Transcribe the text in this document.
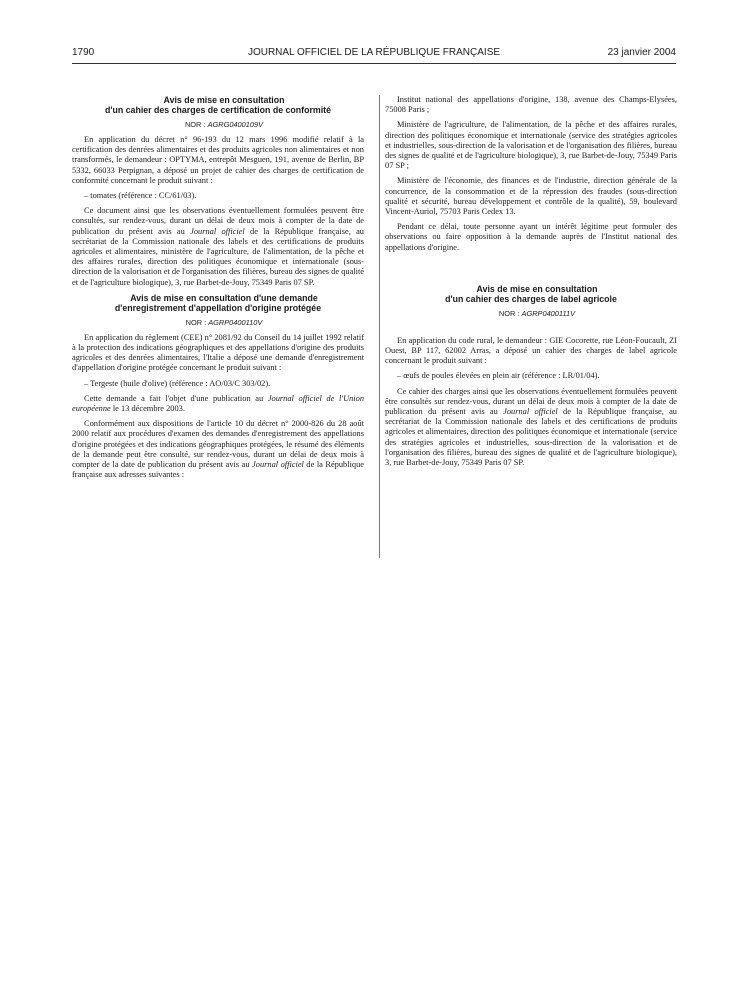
1790	JOURNAL OFFICIEL DE LA RÉPUBLIQUE FRANÇAISE	23 janvier 2004

Avis de mise en consultation
d'un cahier des charges de certification de conformité

NOR : AGRG0400109V

En application du décret n° 96-193 du 12 mars 1996 modifié relatif à la certification des denrées alimentaires et des produits agricoles non alimentaires et non transformés, le demandeur : OPTYMA, entrepôt Mesguen, 191, avenue de Berlin, BP 5332, 66033 Perpignan, a déposé un projet de cahier des charges de certification de conformité concernant le produit suivant :

– tomates (référence : CC/61/03).

Ce document ainsi que les observations éventuellement formulées peuvent être consultés, sur rendez-vous, durant un délai de deux mois à compter de la date de publication du présent avis au Journal officiel de la République française, au secrétariat de la Commission nationale des labels et des certifications de produits agricoles et alimentaires, ministère de l'agriculture, de l'alimentation, de la pêche et des affaires rurales, direction des politiques économique et internationale (sous-direction de la valorisation et de l'organisation des filières, bureau des signes de qualité et de l'agriculture biologique), 3, rue Barbet-de-Jouy, 75349 Paris 07 SP.

Avis de mise en consultation d'une demande
d'enregistrement d'appellation d'origine protégée

NOR : AGRP0400110V

En application du règlement (CEE) n° 2081/92 du Conseil du 14 juillet 1992 relatif à la protection des indications géographiques et des appellations d'origine des produits agricoles et des denrées alimentaires, l'Italie a déposé une demande d'enregistrement d'appellation d'origine protégée concernant le produit suivant :

– Tergeste (huile d'olive) (référence : AO/03/C 303/02).

Cette demande a fait l'objet d'une publication au Journal officiel de l'Union européenne le 13 décembre 2003.

Conformément aux dispositions de l'article 10 du décret n° 2000-826 du 28 août 2000 relatif aux procédures d'examen des demandes d'enregistrement des appellations d'origine protégées et des indications géographiques protégées, le résumé des éléments de la demande peut être consulté, sur rendez-vous, durant un délai de deux mois à compter de la date de publication du présent avis au Journal officiel de la République française aux adresses suivantes :

Institut national des appellations d'origine, 138, avenue des Champs-Elysées, 75008 Paris ;

Ministère de l'agriculture, de l'alimentation, de la pêche et des affaires rurales, direction des politiques économique et internationale (service des stratégies agricoles et industrielles, sous-direction de la valorisation et de l'organisation des filières, bureau des signes de qualité et de l'agriculture biologique), 3, rue Barbet-de-Jouy, 75349 Paris 07 SP ;

Ministère de l'économie, des finances et de l'industrie, direction générale de la concurrence, de la consommation et de la répression des fraudes (sous-direction qualité et sécurité, bureau développement et contrôle de la qualité), 59, boulevard Vincent-Auriol, 75703 Paris Cedex 13.

Pendant ce délai, toute personne ayant un intérêt légitime peut formuler des observations ou faire opposition à la demande auprès de l'Institut national des appellations d'origine.

Avis de mise en consultation
d'un cahier des charges de label agricole

NOR : AGRP0400111V

En application du code rural, le demandeur : GIE Cocorette, rue Léon-Foucault, ZI Ouest, BP 117, 62002 Arras, a déposé un cahier des charges de label agricole concernant le produit suivant :

– œufs de poules élevées en plein air (référence : LR/01/04).

Ce cahier des charges ainsi que les observations éventuellement formulées peuvent être consultés sur rendez-vous, durant un délai de deux mois à compter de la date de publication du présent avis au Journal officiel de la République française, au secrétariat de la Commission nationale des labels et des certifications de produits agricoles et alimentaires, direction des politiques économique et internationale (service des stratégies agricoles et industrielles, sous-direction de la valorisation et de l'organisation des filières, bureau des signes de qualité et de l'agriculture biologique), 3, rue Barbet-de-Jouy, 75349 Paris 07 SP.
